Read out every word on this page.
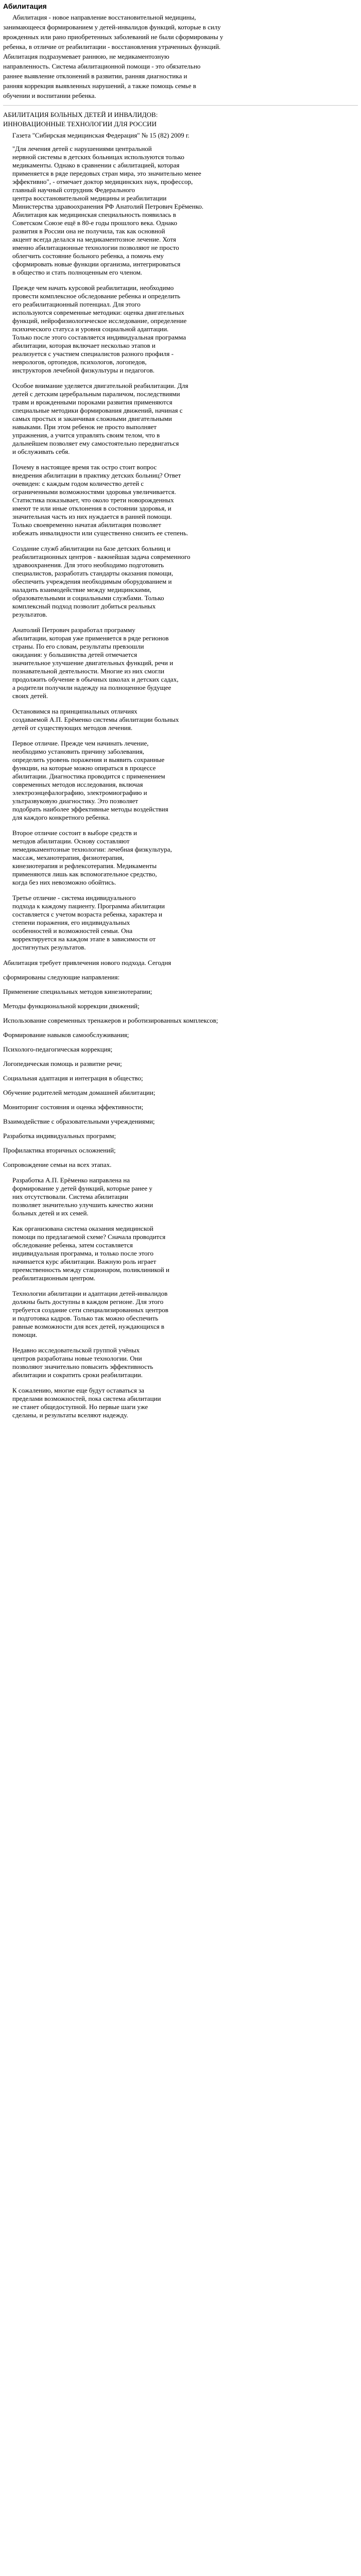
Абилитация

Абилитация - новое направление восстановительной медицины,

занимающееся формированием у детей-инвалидов функций, которые в силу

врожденных или рано приобретенных заболеваний не были сформированы у

ребенка, в отличие от реабилитации - восстановления утраченных функций.

Абилитация подразумевает раннюю, не медикаментозную

направленность. Система абилитационной помощи - это обязательно

раннее выявление отклонений в развитии, ранняя диагностика и

ранняя коррекция выявленных нарушений, а также помощь семье в

обучении и воспитании ребенка.

АБИЛИТАЦИЯ БОЛЬНЫХ ДЕТЕЙ И ИНВАЛИДОВ:
ИННОВАЦИОННЫЕ ТЕХНОЛОГИИ ДЛЯ РОССИИ
Газета "Сибирская медицинская Федерация" № 15 (82) 2009 г.
"Для лечения детей с нарушениями центральной
нервной системы в детских больницах используются только
медикаменты. Однако в сравнении с абилитацией, которая
применяется в ряде передовых стран мира, это значительно менее
эффективно", - отмечает доктор медицинских наук, профессор,
главный научный сотрудник Федерального
центра восстановительной медицины и реабилитации
Министерства здравоохранения РФ Анатолий Петрович Ерёменко.
Абилитация как медицинская специальность появилась в
Советском Союзе ещё в 80-е годы прошлого века. Однако
развития в России она не получила, так как основной
акцент всегда делался на медикаментозное лечение. Хотя
именно абилитационные технологии позволяют не просто
облегчить состояние больного ребенка, а помочь ему
сформировать новые функции организма, интегрироваться
в общество и стать полноценным его членом.
Прежде чем начать курсовой реабилитации, необходимо
провести комплексное обследование ребенка и определить
его реабилитационный потенциал. Для этого
используются современные методики: оценка двигательных
функций, нейрофизиологическое исследование, определение
психического статуса и уровня социальной адаптации.
Только после этого составляется индивидуальная программа
абилитации, которая включает несколько этапов и
реализуется с участием специалистов разного профиля -
неврологов, ортопедов, психологов, логопедов,
инструкторов лечебной физкультуры и педагогов.
Особое внимание уделяется двигательной реабилитации. Для
детей с детским церебральным параличом, последствиями
травм и врожденными пороками развития применяются
специальные методики формирования движений, начиная с
самых простых и заканчивая сложными двигательными
навыками. При этом ребенок не просто выполняет
упражнения, а учится управлять своим телом, что в
дальнейшем позволяет ему самостоятельно передвигаться
и обслуживать себя.
Почему в настоящее время так остро стоит вопрос
внедрения абилитации в практику детских больниц? Ответ
очевиден: с каждым годом количество детей с
ограниченными возможностями здоровья увеличивается.
Статистика показывает, что около трети новорожденных
имеют те или иные отклонения в состоянии здоровья, и
значительная часть из них нуждается в ранней помощи.
Только своевременно начатая абилитация позволяет
избежать инвалидности или существенно снизить ее степень.
Создание служб абилитации на базе детских больниц и
реабилитационных центров - важнейшая задача современного
здравоохранения. Для этого необходимо подготовить
специалистов, разработать стандарты оказания помощи,
обеспечить учреждения необходимым оборудованием и
наладить взаимодействие между медицинскими,
образовательными и социальными службами. Только
комплексный подход позволит добиться реальных
результатов.
Анатолий Петрович разработал программу
абилитации, которая уже применяется в ряде регионов
страны. По его словам, результаты превзошли
ожидания: у большинства детей отмечается
значительное улучшение двигательных функций, речи и
познавательной деятельности. Многие из них смогли
продолжить обучение в обычных школах и детских садах,
а родители получили надежду на полноценное будущее
своих детей.
Остановимся на принципиальных отличиях
создаваемой А.П. Ерёменко системы абилитации больных
детей от существующих методов лечения.
Первое отличие. Прежде чем начинать лечение,
необходимо установить причину заболевания,
определить уровень поражения и выявить сохранные
функции, на которые можно опираться в процессе
абилитации. Диагностика проводится с применением
современных методов исследования, включая
электроэнцефалографию, электромиографию и
ультразвуковую диагностику. Это позволяет
подобрать наиболее эффективные методы воздействия
для каждого конкретного ребенка.
Второе отличие состоит в выборе средств и
методов абилитации. Основу составляют
немедикаментозные технологии: лечебная физкультура,
массаж, механотерапия, физиотерапия,
кинезиотерапия и рефлексотерапия. Медикаменты
применяются лишь как вспомогательное средство,
когда без них невозможно обойтись.
Третье отличие - система индивидуального
подхода к каждому пациенту. Программа абилитации
составляется с учетом возраста ребенка, характера и
степени поражения, его индивидуальных
особенностей и возможностей семьи. Она
корректируется на каждом этапе в зависимости от
достигнутых результатов.
Абилитация требует привлечения нового подхода. Сегодня
сформированы следующие направления:
Применение специальных методов кинезиотерапии;
Методы функциональной коррекции движений;
Использование современных тренажеров и роботизированных комплексов;
Формирование навыков самообслуживания;
Психолого-педагогическая коррекция;
Логопедическая помощь и развитие речи;
Социальная адаптация и интеграция в общество;
Обучение родителей методам домашней абилитации;
Мониторинг состояния и оценка эффективности;
Взаимодействие с образовательными учреждениями;
Разработка индивидуальных программ;
Профилактика вторичных осложнений;
Сопровождение семьи на всех этапах.
Разработка А.П. Ерёменко направлена на
формирование у детей функций, которые ранее у
них отсутствовали. Система абилитации
позволяет значительно улучшить качество жизни
больных детей и их семей.
Как организована система оказания медицинской
помощи по предлагаемой схеме? Сначала проводится
обследование ребенка, затем составляется
индивидуальная программа, и только после этого
начинается курс абилитации. Важную роль играет
преемственность между стационаром, поликлиникой и
реабилитационным центром.
Технологии абилитации и адаптации детей-инвалидов
должны быть доступны в каждом регионе. Для этого
требуется создание сети специализированных центров
и подготовка кадров. Только так можно обеспечить
равные возможности для всех детей, нуждающихся в
помощи.
Недавно исследовательской группой учёных
центров разработаны новые технологии. Они
позволяют значительно повысить эффективность
абилитации и сократить сроки реабилитации.
К сожалению, многие еще будут оставаться за
пределами возможностей, пока система абилитации
не станет общедоступной. Но первые шаги уже
сделаны, и результаты вселяют надежду.
